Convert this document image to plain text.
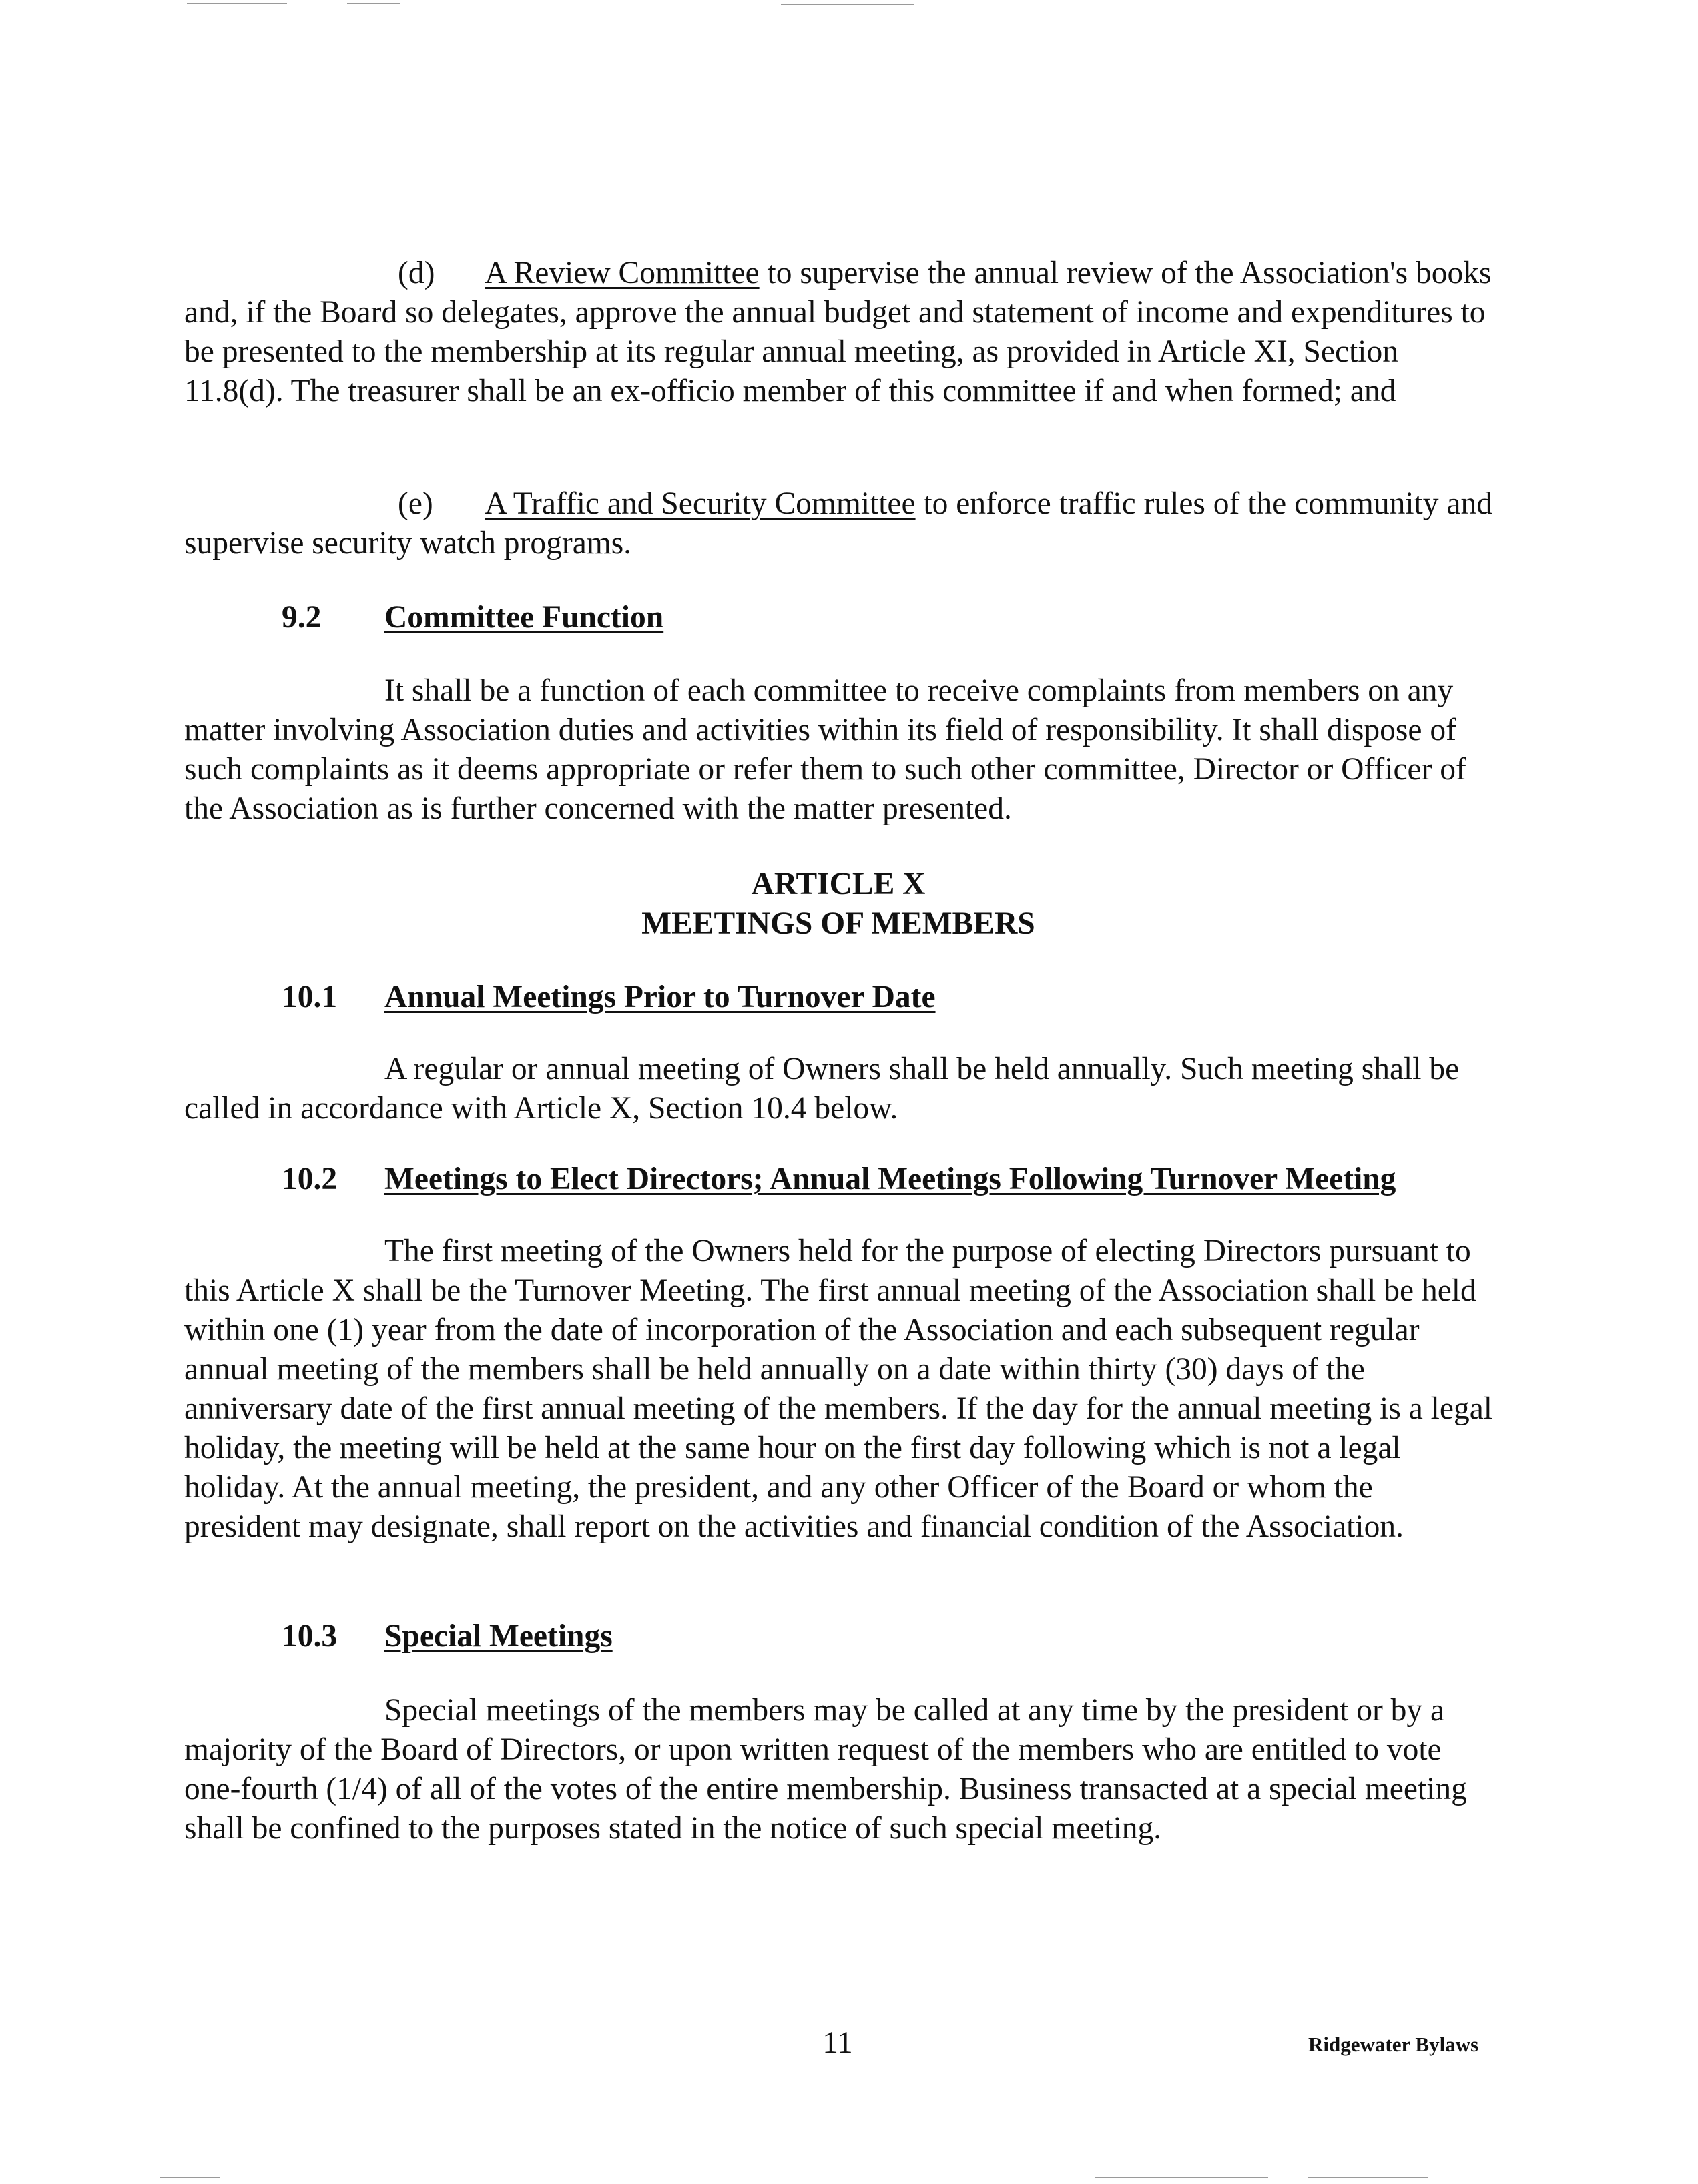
(d) A Review Committee to supervise the annual review of the Association's books and, if the Board so delegates, approve the annual budget and statement of income and expenditures to be presented to the membership at its regular annual meeting, as provided in Article XI, Section 11.8(d). The treasurer shall be an ex-officio member of this committee if and when formed; and

(e) A Traffic and Security Committee to enforce traffic rules of the community and supervise security watch programs.

9.2 Committee Function

It shall be a function of each committee to receive complaints from members on any matter involving Association duties and activities within its field of responsibility. It shall dispose of such complaints as it deems appropriate or refer them to such other committee, Director or Officer of the Association as is further concerned with the matter presented.

ARTICLE X
MEETINGS OF MEMBERS
10.1 Annual Meetings Prior to Turnover Date

A regular or annual meeting of Owners shall be held annually. Such meeting shall be called in accordance with Article X, Section 10.4 below.

10.2 Meetings to Elect Directors; Annual Meetings Following Turnover Meeting

The first meeting of the Owners held for the purpose of electing Directors pursuant to this Article X shall be the Turnover Meeting. The first annual meeting of the Association shall be held within one (1) year from the date of incorporation of the Association and each subsequent regular annual meeting of the members shall be held annually on a date within thirty (30) days of the anniversary date of the first annual meeting of the members. If the day for the annual meeting is a legal holiday, the meeting will be held at the same hour on the first day following which is not a legal holiday. At the annual meeting, the president, and any other Officer of the Board or whom the president may designate, shall report on the activities and financial condition of the Association.

10.3 Special Meetings

Special meetings of the members may be called at any time by the president or by a majority of the Board of Directors, or upon written request of the members who are entitled to vote one-fourth (1/4) of all of the votes of the entire membership. Business transacted at a special meeting shall be confined to the purposes stated in the notice of such special meeting.

11	Ridgewater Bylaws
